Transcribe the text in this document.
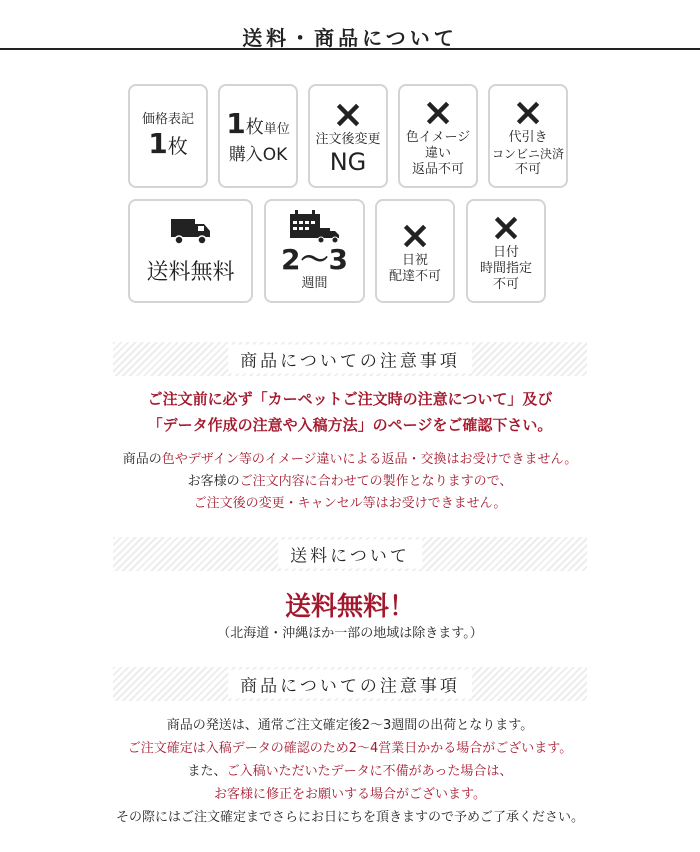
送料・商品について
価格表記
1枚
1枚単位
購入OK
×
注文後変更
NG
×
色イメージ
違い
返品不可
×
代引き
コンビニ決済
不可
送料無料 2〜3
週間
×
日祝
配達不可
×
日付
時間指定
不可
商品についての注意事項
ご注文前に必ず「カーペットご注文時の注意について」及び
「データ作成の注意や入稿方法」のページをご確認下さい。
商品の色やデザイン等のイメージ違いによる返品・交換はお受けできません。
お客様のご注文内容に合わせての製作となりますので、
ご注文後の変更・キャンセル等はお受けできません。
送料について
送料無料！
（北海道・沖縄ほか一部の地域は除きます。）
商品についての注意事項
商品の発送は、通常ご注文確定後2〜3週間の出荷となります。
ご注文確定は入稿データの確認のため2〜4営業日かかる場合がございます。
また、ご入稿いただいたデータに不備があった場合は、
お客様に修正をお願いする場合がございます。
その際にはご注文確定までさらにお日にちを頂きますので予めご了承ください。
